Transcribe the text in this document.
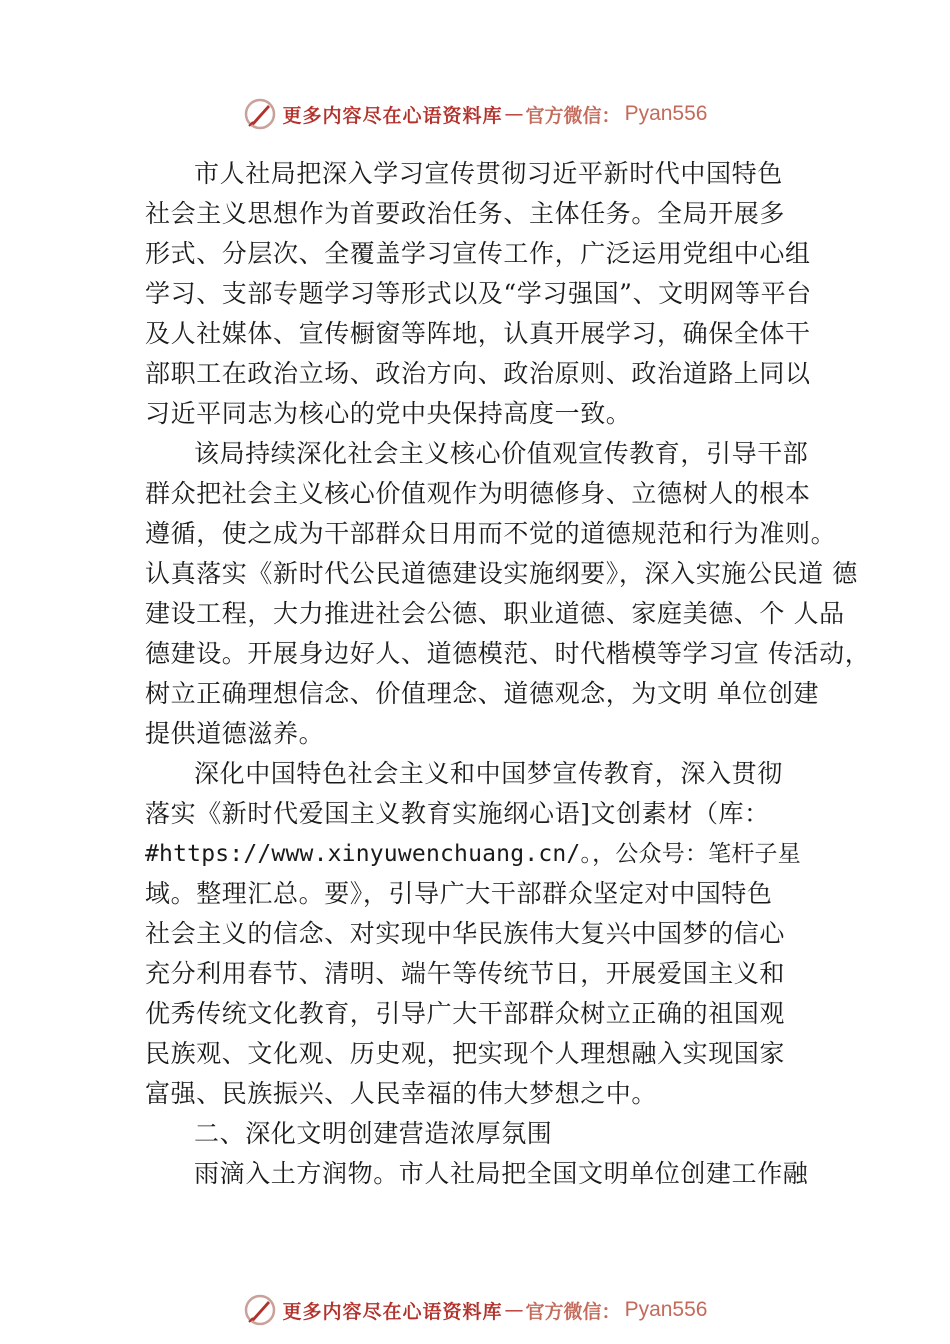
更多内容尽在心语资料库 — 官方微信： Pyan556
市人社局把深入学习宣传贯彻习近平新时代中国特色
社会主义思想作为首要政治任务、主体任务。全局开展多
形式、分层次、全覆盖学习宣传工作，广泛运用党组中心组
学习、支部专题学习等形式以及“学习强国”、文明网等平台
及人社媒体、宣传橱窗等阵地，认真开展学习，确保全体干
部职工在政治立场、政治方向、政治原则、政治道路上同以
习近平同志为核心的党中央保持高度一致。
该局持续深化社会主义核心价值观宣传教育，引导干部
群众把社会主义核心价值观作为明德修身、立德树人的根本
遵循，使之成为干部群众日用而不觉的道德规范和行为准则。
认真落实《新时代公民道德建设实施纲要》，深入实施公民道 德
建设工程，大力推进社会公德、职业道德、家庭美德、个 人品
德建设。开展身边好人、道德模范、时代楷模等学习宣 传活动，
树立正确理想信念、价值理念、道德观念，为文明 单位创建
提供道德滋养。
深化中国特色社会主义和中国梦宣传教育，深入贯彻
落实《新时代爱国主义教育实施纲心语]文创素材（库：
#https://www.xinyuwenchuang.cn/。，公众号：笔杆子星
域。整理汇总。要》，引导广大干部群众坚定对中国特色
社会主义的信念、对实现中华民族伟大复兴中国梦的信心
充分利用春节、清明、端午等传统节日，开展爱国主义和
优秀传统文化教育，引导广大干部群众树立正确的祖国观
民族观、文化观、历史观，把实现个人理想融入实现国家
富强、民族振兴、人民幸福的伟大梦想之中。
二、深化文明创建营造浓厚氛围
雨滴入土方润物。市人社局把全国文明单位创建工作融
更多内容尽在心语资料库 — 官方微信： Pyan556
